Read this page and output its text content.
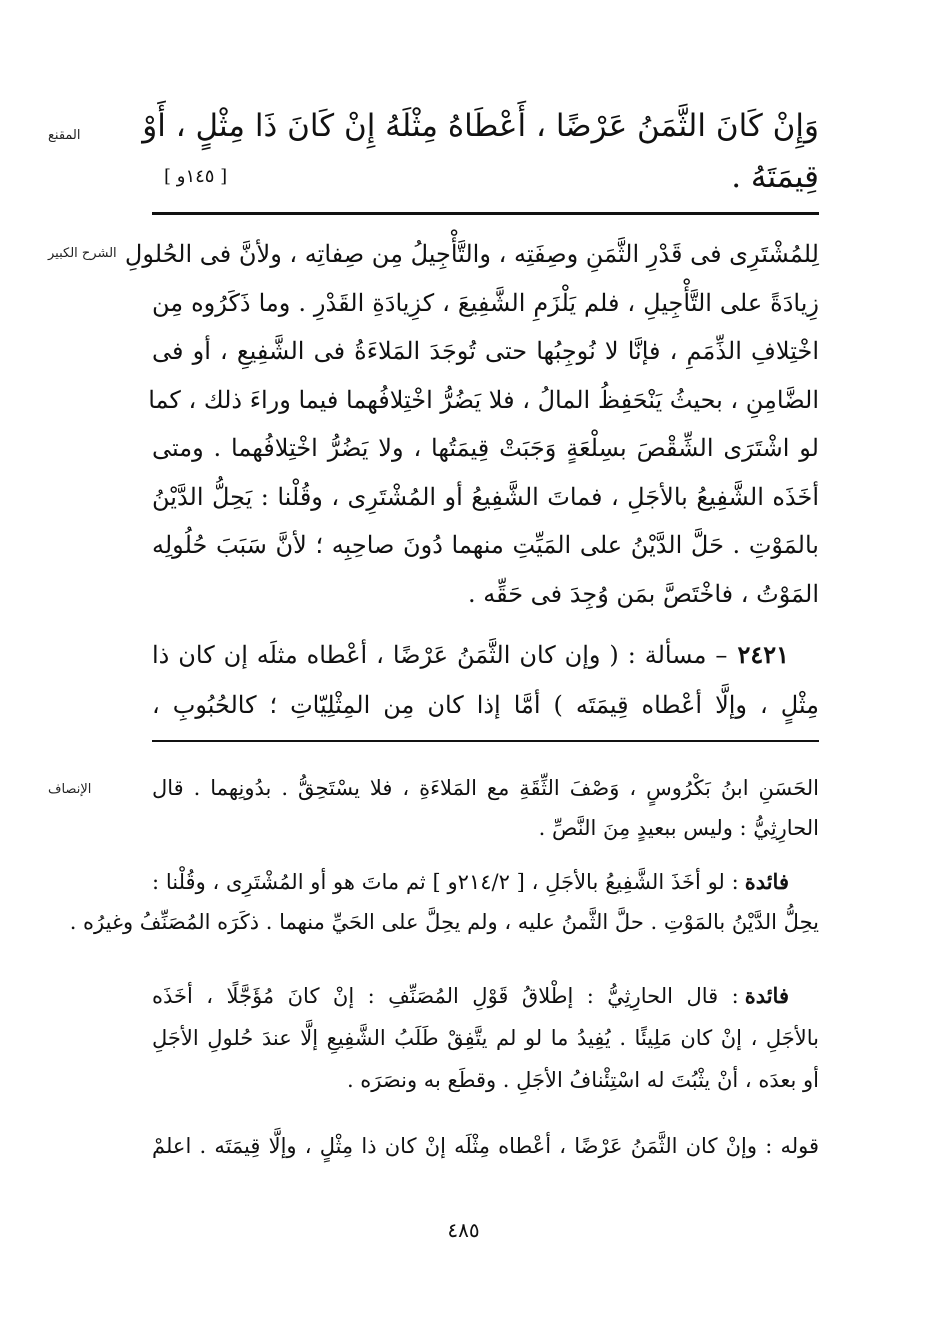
المقنع
الشرح الكبير
الإنصاف
وَإِنْ كَانَ الثَّمَنُ عَرْضًا ، أَعْطَاهُ مِثْلَهُ إِنْ كَانَ ذَا مِثْلٍ ، أَوْ
قِيمَتَهُ .
[ ١٤٥و ]
لِلمُشْتَرِى فى قَدْرِ الثَّمَنِ وصِفَتِه ، والتَّأْجِيلُ مِن صِفاتِه ، ولأنَّ فى الحُلولِ
زِيادَةً على التَّأْجِيلِ ، فلم يَلْزَمِ الشَّفِيعَ ، كزِيادَةِ القَدْرِ . وما ذَكَرُوه مِن
اخْتِلافِ الذِّمَمِ ، فإنَّا لا نُوجِبُها حتى تُوجَدَ المَلاءَةُ فى الشَّفِيعِ ، أو فى
الضَّامِنِ ، بحيثُ يَنْحَفِظُ المالُ ، فلا يَضُرُّ اخْتِلافُهما فيما وراءَ ذلك ، كما
لو اشْتَرَى الشِّقْصَ بسِلْعَةٍ وَجَبَتْ قِيمَتُها ، ولا يَضُرُّ اخْتِلافُهما . ومتى
أخَذَه الشَّفِيعُ بالأجَلِ ، فماتَ الشَّفِيعُ أو المُشْتَرِى ، وقُلْنا : يَحِلُّ الدَّيْنُ
بالمَوْتِ . حَلَّ الدَّيْنُ على المَيِّتِ منهما دُونَ صاحِبِه ؛ لأنَّ سَبَبَ حُلُولِه
المَوْتُ ، فاخْتَصَّ بمَن وُجِدَ فى حَقِّه .
٢٤٢١
– مسألة : ( وإن كان الثَّمَنُ عَرْضًا ، أعْطاه مثلَه إن كان ذا
مِثْلٍ ، وإلَّا أعْطاه قِيمَتَه ) أمَّا إذا كان مِن المِثْلِيّاتِ ؛ كالحُبُوبِ ،
الحَسَنِ ابنُ بَكْرُوسٍ ، وَصْفَ الثِّقَةِ مع المَلاءَةِ ، فلا يسْتَحِقُّ . بدُونِهما . قال
الحارِثِيُّ : وليس ببعيدٍ مِنَ النَّصِّ .
فائدة
: لو أخَذَ الشَّفِيعُ بالأجَلِ ، [ ٢١٤/٢و ] ثم ماتَ هو أو المُشْتَرِى ، وقُلْنا :
يحِلُّ الدَّيْنُ بالمَوْتِ . حلَّ الثَّمنُ عليه ، ولم يحِلَّ على الحَيِّ منهما . ذكَرَه المُصَنِّفُ وغيرُه .
فائدة
: قال الحارِثِيُّ : إطْلاقُ قَوْلِ المُصَنِّفِ : إنْ كانَ مُؤَجَّلًا ، أخَذَه
بالأجَلِ ، إنْ كان مَلِيئًا . يُفِيدُ ما لو لم يتَّفِقْ طَلَبُ الشَّفِيعِ إلَّا عندَ حُلولِ الأجَلِ
أو بعدَه ، أنْ يثْبُتَ له اسْتِئْنافُ الأجَلِ . وقطَع به ونصَرَه .
قوله : وإنْ كان الثَّمَنُ عَرْضًا ، أعْطاه مِثْلَه إنْ كان ذا مِثْلٍ ، وإلَّا قِيمَتَه . اعلمْ
٤٨٥
